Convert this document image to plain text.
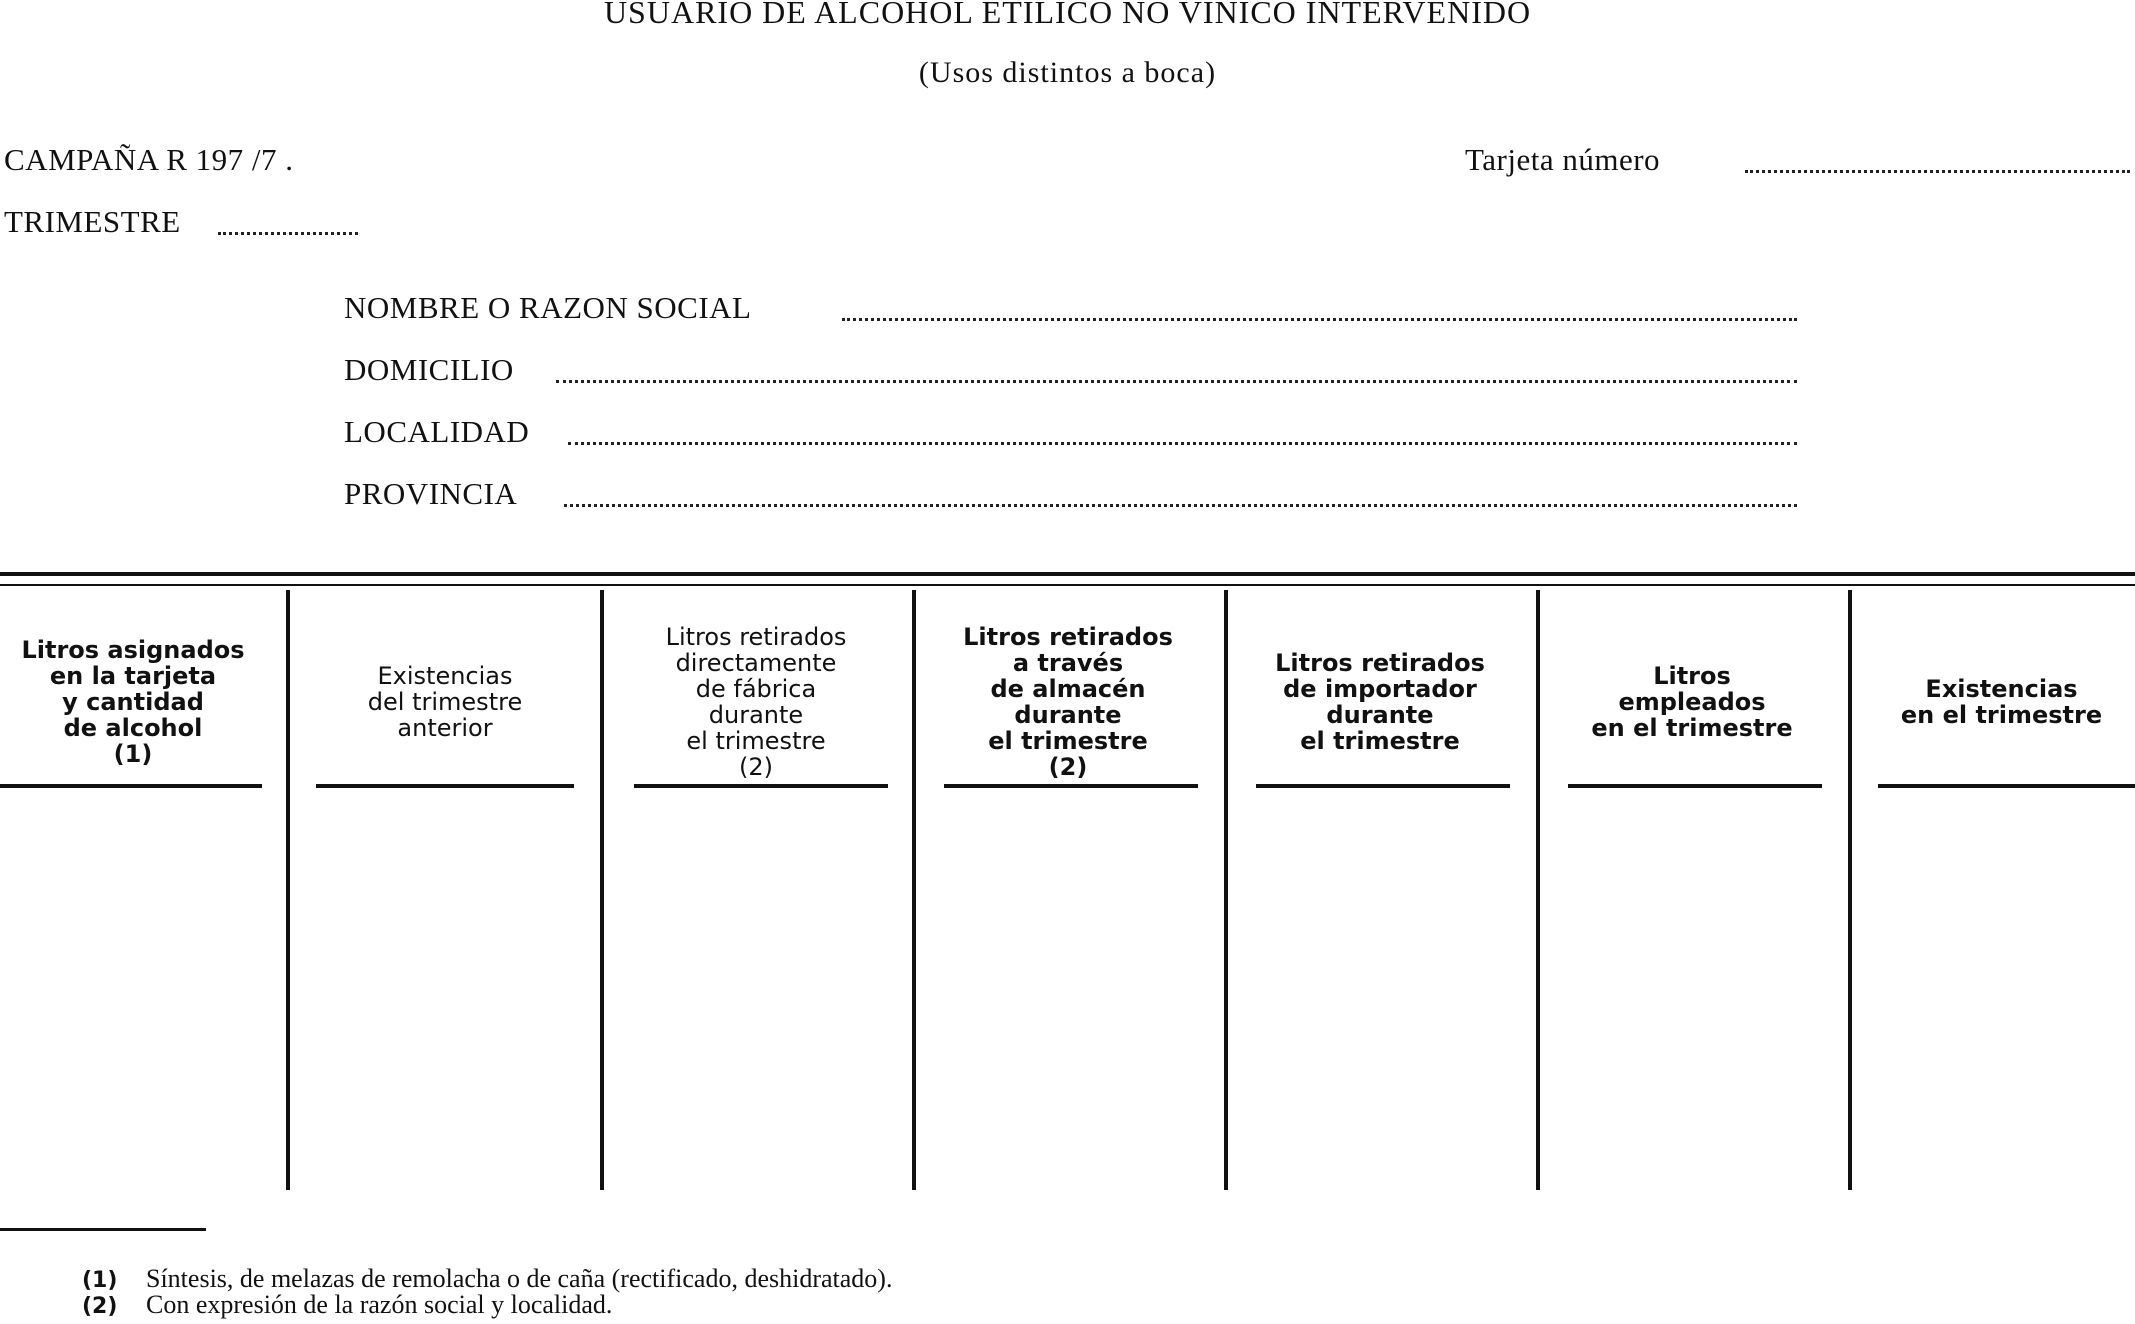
USUARIO DE ALCOHOL ETILICO NO VINICO INTERVENIDO
(Usos distintos a boca)
CAMPAÑA R 197 /7 .	Tarjeta número
TRIMESTRE
NOMBRE O RAZON SOCIAL
DOMICILIO
LOCALIDAD
PROVINCIA
Litros asignados
en la tarjeta
y cantidad
de alcohol
(1)
Existencias
del trimestre
anterior
Litros retirados
directamente
de fábrica
durante
el trimestre
(2)
Litros retirados
a través
de almacén
durante
el trimestre
(2)
Litros retirados
de importador
durante
el trimestre
Litros
empleados
en el trimestre
Existencias
en el trimestre
(1) Síntesis, de melazas de remolacha o de caña (rectificado, deshidratado).
(2) Con expresión de la razón social y localidad.
